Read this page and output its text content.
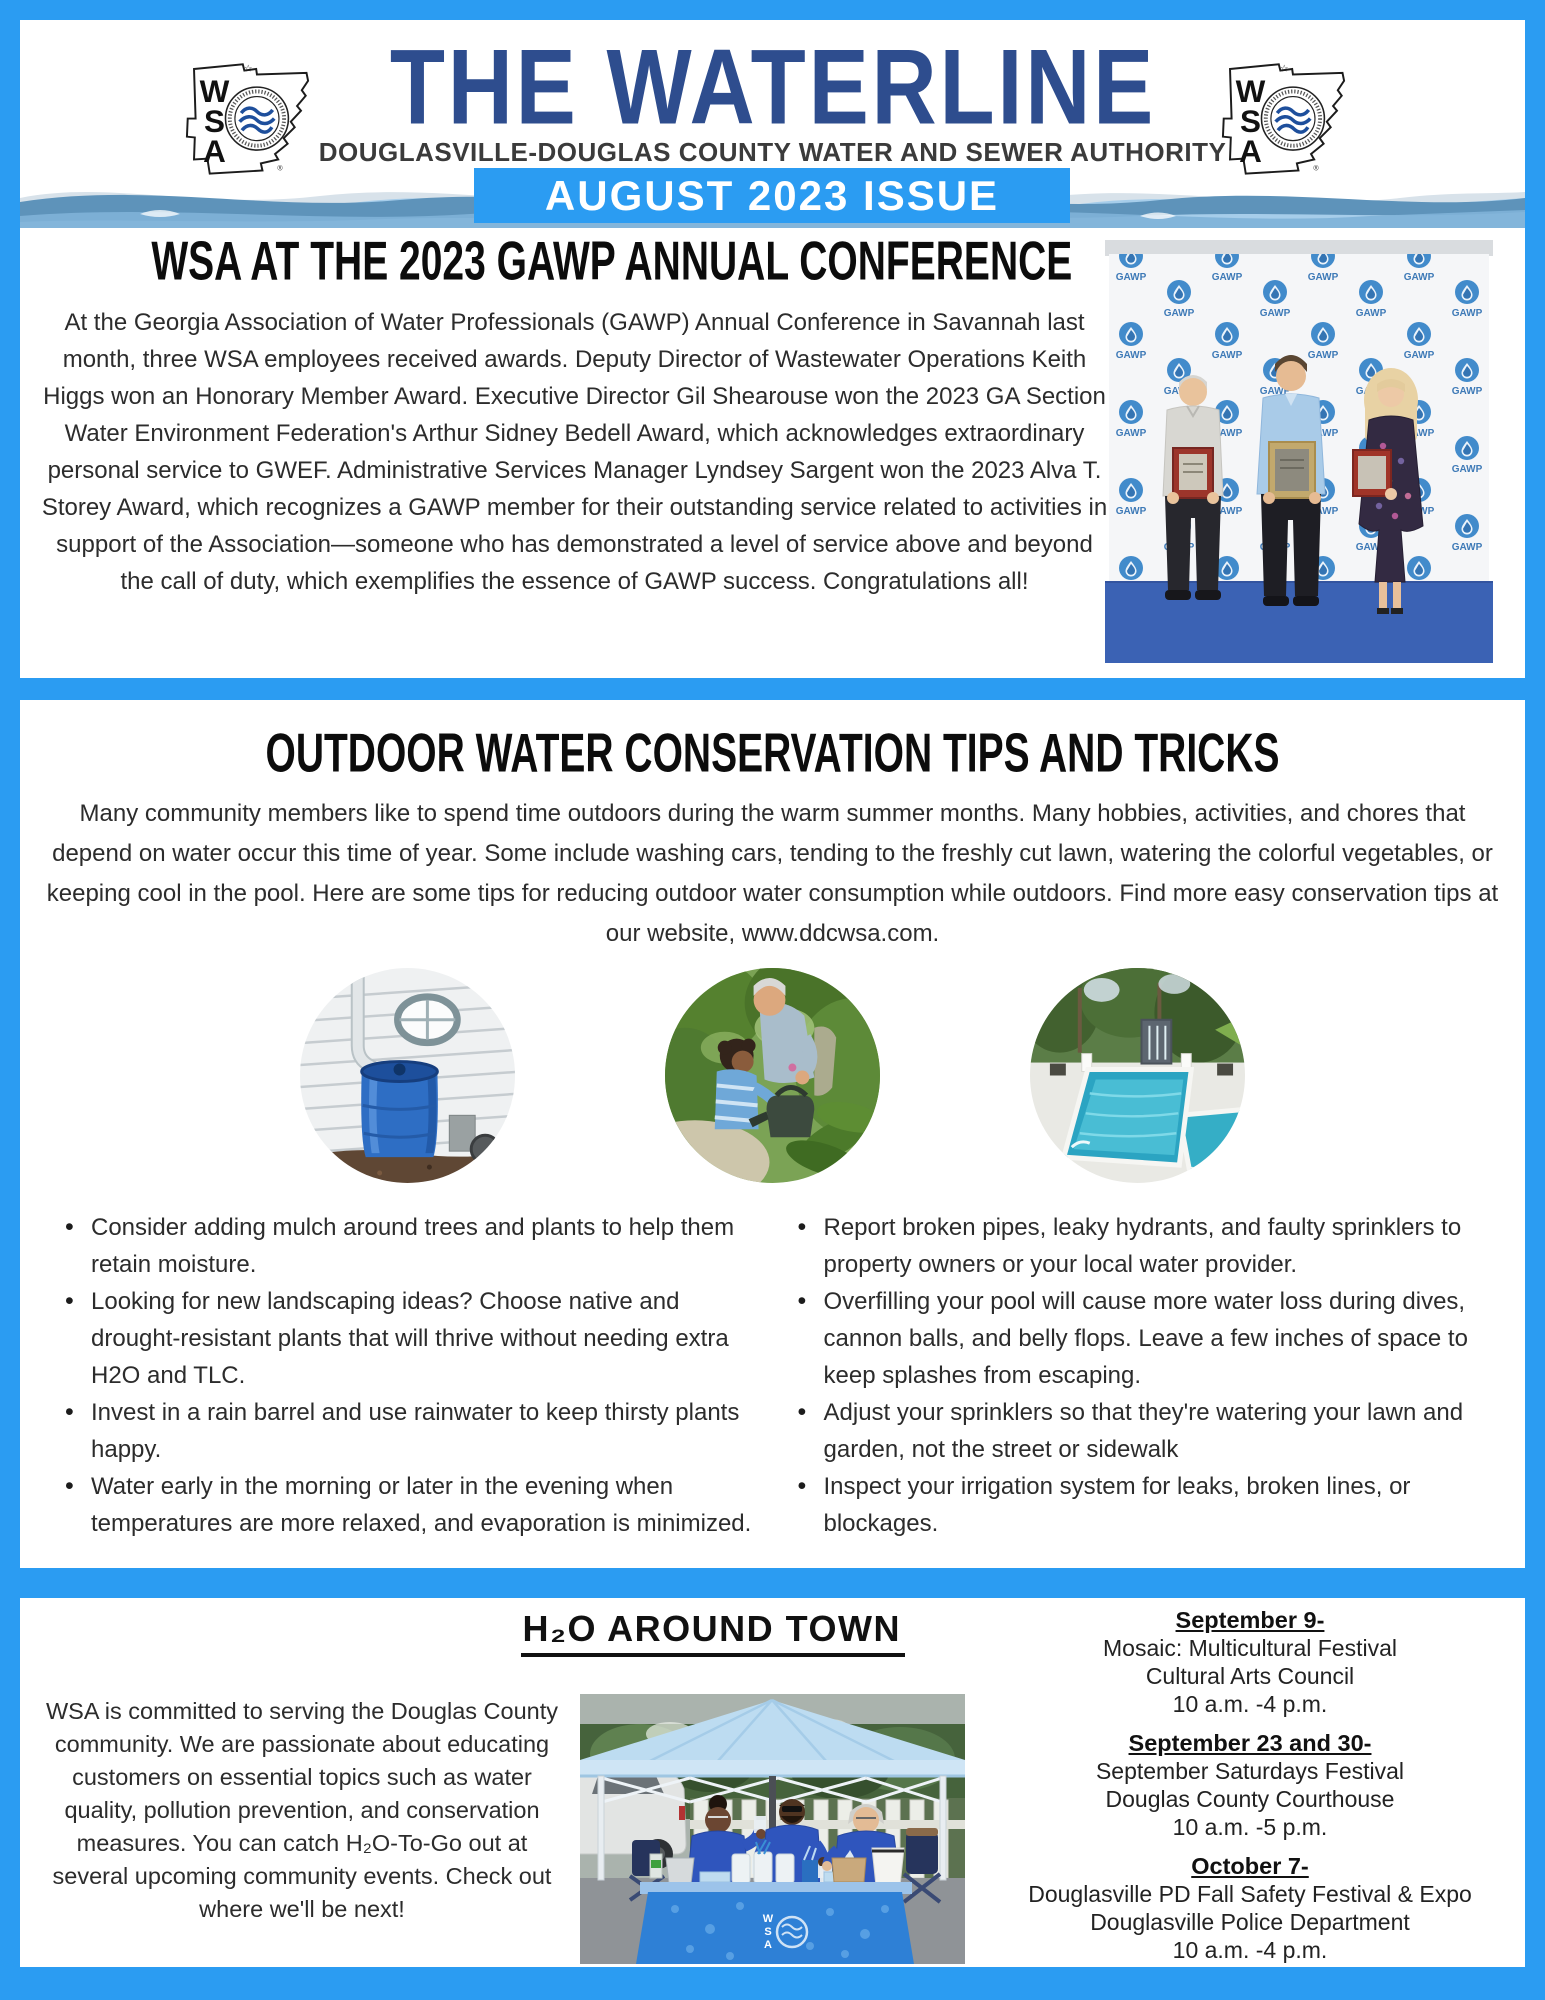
☆
W
S
A	®
THE WATERLINE
DOUGLASVILLE-DOUGLAS COUNTY WATER AND SEWER AUTHORITY
☆
W
S
A	®
AUGUST 2023 ISSUE
WSA AT THE 2023 GAWP ANNUAL CONFERENCE

At the Georgia Association of Water Professionals (GAWP) Annual Conference in Savannah last month, three WSA employees received awards. Deputy Director of Wastewater Operations Keith Higgs won an Honorary Member Award. Executive Director Gil Shearouse won the 2023 GA Section Water Environment Federation's Arthur Sidney Bedell Award, which acknowledges extraordinary personal service to GWEF. Administrative Services Manager Lyndsey Sargent won the 2023 Alva T. Storey Award, which recognizes a GAWP member for their outstanding service related to activities in support of the Association—someone who has demonstrated a level of service above and beyond the call of duty, which exemplifies the essence of GAWP success. Congratulations all!

OUTDOOR WATER CONSERVATION TIPS AND TRICKS

Many community members like to spend time outdoors during the warm summer months. Many hobbies, activities, and chores that depend on water occur this time of year. Some include washing cars, tending to the freshly cut lawn, watering the colorful vegetables, or keeping cool in the pool. Here are some tips for reducing outdoor water consumption while outdoors. Find more easy conservation tips at our website, www.ddcwsa.com.

• Consider adding mulch around trees and plants to help them retain moisture.
• Looking for new landscaping ideas? Choose native and drought-resistant plants that will thrive without needing extra H2O and TLC.
• Invest in a rain barrel and use rainwater to keep thirsty plants happy.
• Water early in the morning or later in the evening when temperatures are more relaxed, and evaporation is minimized.
• Report broken pipes, leaky hydrants, and faulty sprinklers to property owners or your local water provider.
• Overfilling your pool will cause more water loss during dives, cannon balls, and belly flops. Leave a few inches of space to keep splashes from escaping.
• Adjust your sprinklers so that they're watering your lawn and garden, not the street or sidewalk
• Inspect your irrigation system for leaks, broken lines, or blockages.
H₂O AROUND TOWN

WSA is committed to serving the Douglas County community. We are passionate about educating customers on essential topics such as water quality, pollution prevention, and conservation measures. You can catch H₂O-To-Go out at several upcoming community events. Check out where we'll be next!	W
S
A
September 9-
Mosaic: Multicultural Festival
Cultural Arts Council
10 a.m. -4 p.m.
September 23 and 30-
September Saturdays Festival
Douglas County Courthouse
10 a.m. -5 p.m.
October 7-
Douglasville PD Fall Safety Festival & Expo
Douglasville Police Department
10 a.m. -4 p.m.
